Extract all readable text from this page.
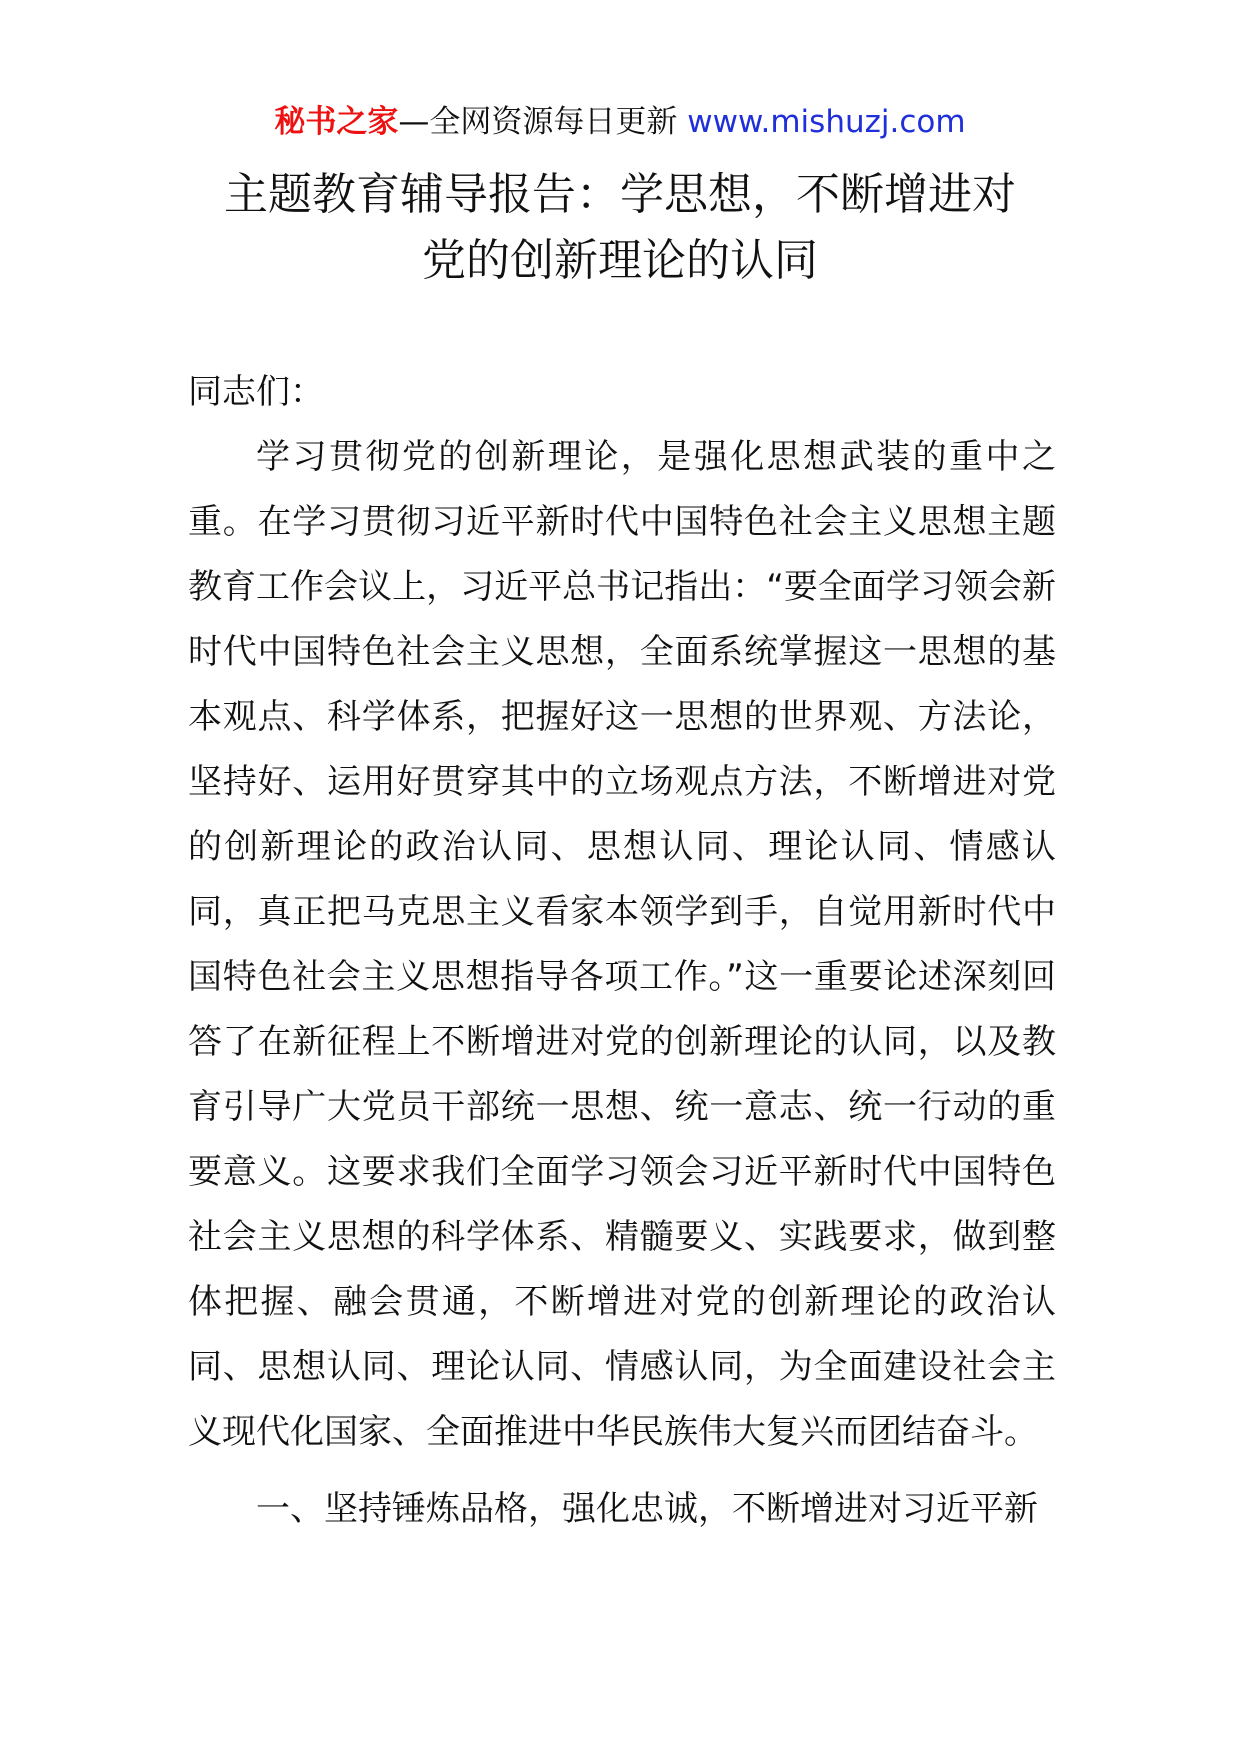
秘书之家—全网资源每日更新 www.mishuzj.com
主题教育辅导报告：学思想，不断增进对
党的创新理论的认同

同志们：

学习贯彻党的创新理论，是强化思想武装的重中之重。在学习贯彻习近平新时代中国特色社会主义思想主题教育工作会议上，习近平总书记指出：“要全面学习领会新时代中国特色社会主义思想，全面系统掌握这一思想的基本观点、科学体系，把握好这一思想的世界观、方法论，坚持好、运用好贯穿其中的立场观点方法，不断增进对党的创新理论的政治认同、思想认同、理论认同、情感认同，真正把马克思主义看家本领学到手，自觉用新时代中国特色社会主义思想指导各项工作。”这一重要论述深刻回答了在新征程上不断增进对党的创新理论的认同，以及教育引导广大党员干部统一思想、统一意志、统一行动的重要意义。这要求我们全面学习领会习近平新时代中国特色社会主义思想的科学体系、精髓要义、实践要求，做到整体把握、融会贯通，不断增进对党的创新理论的政治认同、思想认同、理论认同、情感认同，为全面建设社会主义现代化国家、全面推进中华民族伟大复兴而团结奋斗。

一、坚持锤炼品格，强化忠诚，不断增进对习近平新
